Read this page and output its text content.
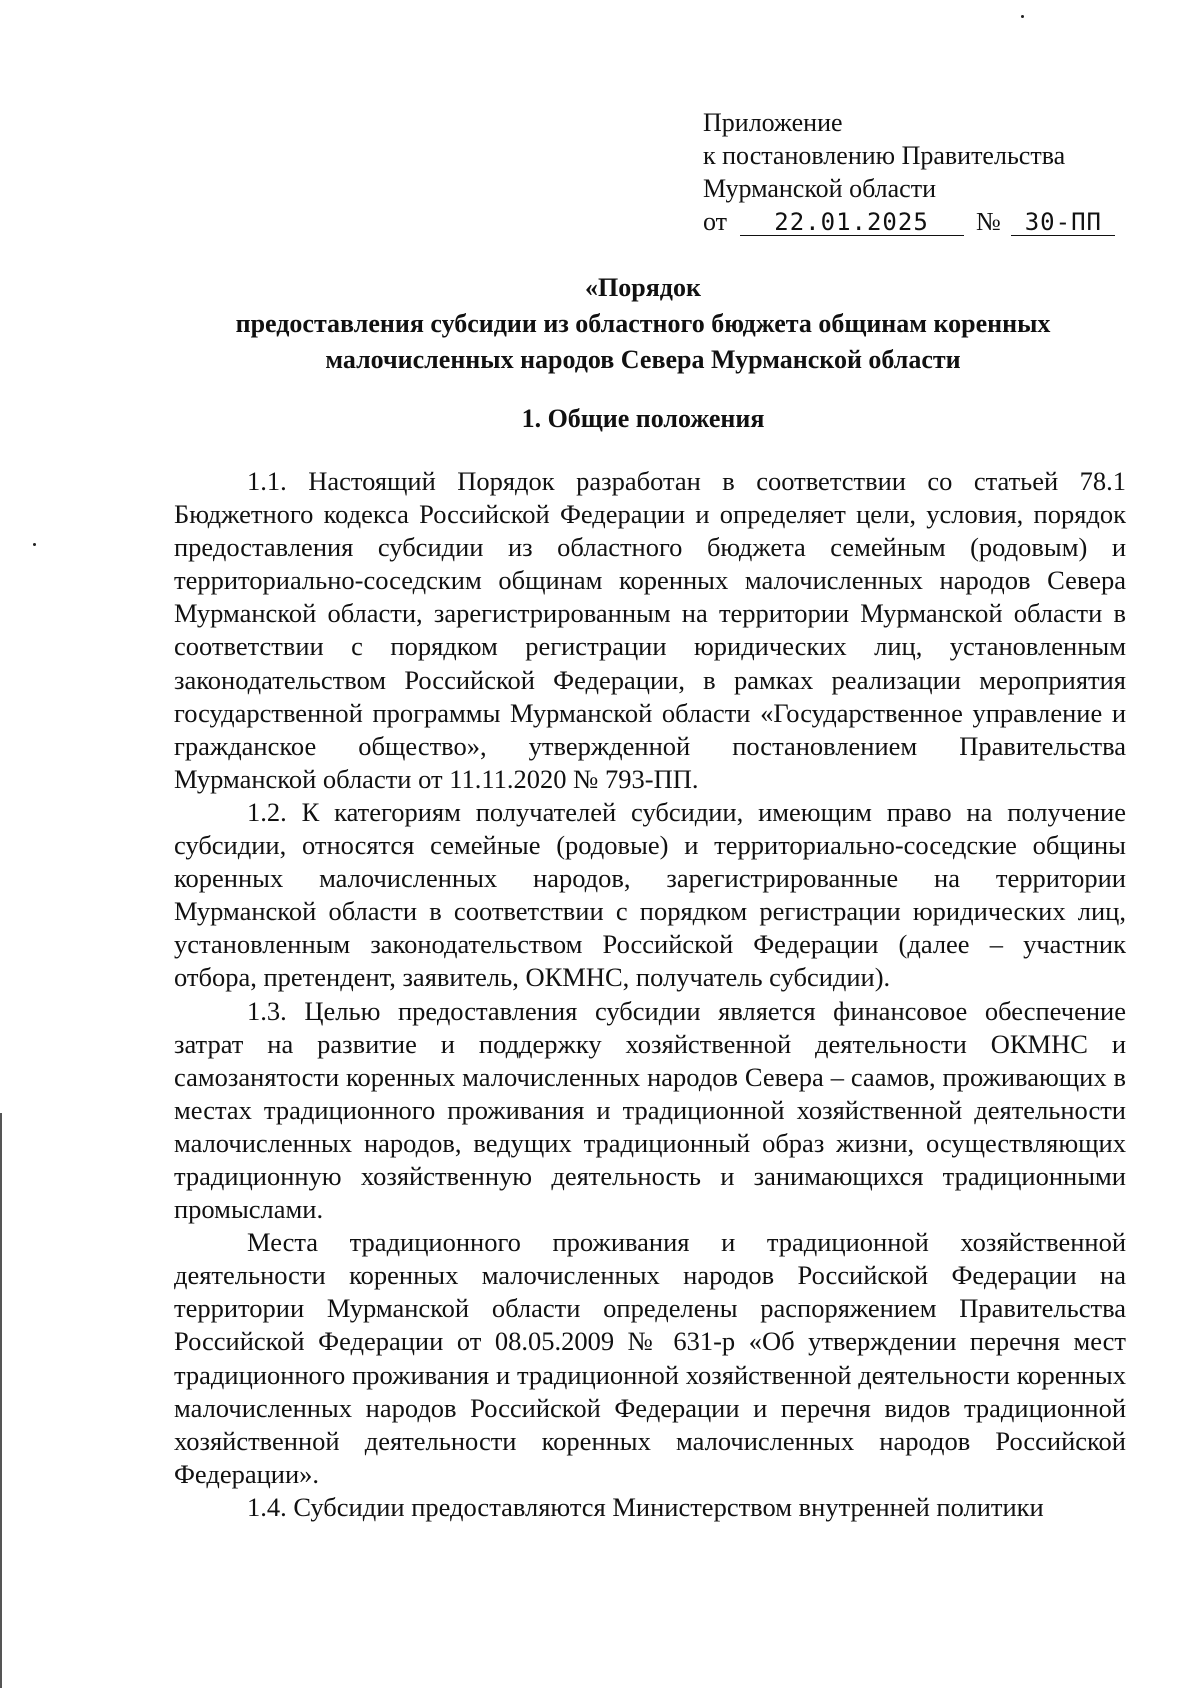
Приложение
к постановлению Правительства
Мурманской области
от 22.01.2025 № 30-ПП
«Порядок
предоставления субсидии из областного бюджета общинам коренных
малочисленных народов Севера Мурманской области
1. Общие положения

1.1. Настоящий Порядок разработан в соответствии со статьей 78.1 Бюджетного кодекса Российской Федерации и определяет цели, условия, порядок предоставления субсидии из областного бюджета семейным (родовым) и территориально-соседским общинам коренных малочисленных народов Севера Мурманской области, зарегистрированным на территории Мурманской области в соответствии с порядком регистрации юридических лиц, установленным законодательством Российской Федерации, в рамках реализации мероприятия государственной программы Мурманской области «Государственное управление и гражданское общество», утвержденной постановлением Правительства Мурманской области от 11.11.2020 № 793-ПП.

1.2. К категориям получателей субсидии, имеющим право на получение субсидии, относятся семейные (родовые) и территориально-соседские общины коренных малочисленных народов, зарегистрированные на территории Мурманской области в соответствии с порядком регистрации юридических лиц, установленным законодательством Российской Федерации (далее – участник отбора, претендент, заявитель, ОКМНС, получатель субсидии).

1.3. Целью предоставления субсидии является финансовое обеспечение затрат на развитие и поддержку хозяйственной деятельности ОКМНС и самозанятости коренных малочисленных народов Севера – саамов, проживающих в местах традиционного проживания и традиционной хозяйственной деятельности малочисленных народов, ведущих традиционный образ жизни, осуществляющих традиционную хозяйственную деятельность и занимающихся традиционными промыслами.

Места традиционного проживания и традиционной хозяйственной деятельности коренных малочисленных народов Российской Федерации на территории Мурманской области определены распоряжением Правительства Российской Федерации от 08.05.2009 № 631-р «Об утверждении перечня мест традиционного проживания и традиционной хозяйственной деятельности коренных малочисленных народов Российской Федерации и перечня видов традиционной хозяйственной деятельности коренных малочисленных народов Российской Федерации».

1.4. Субсидии предоставляются Министерством внутренней политики
